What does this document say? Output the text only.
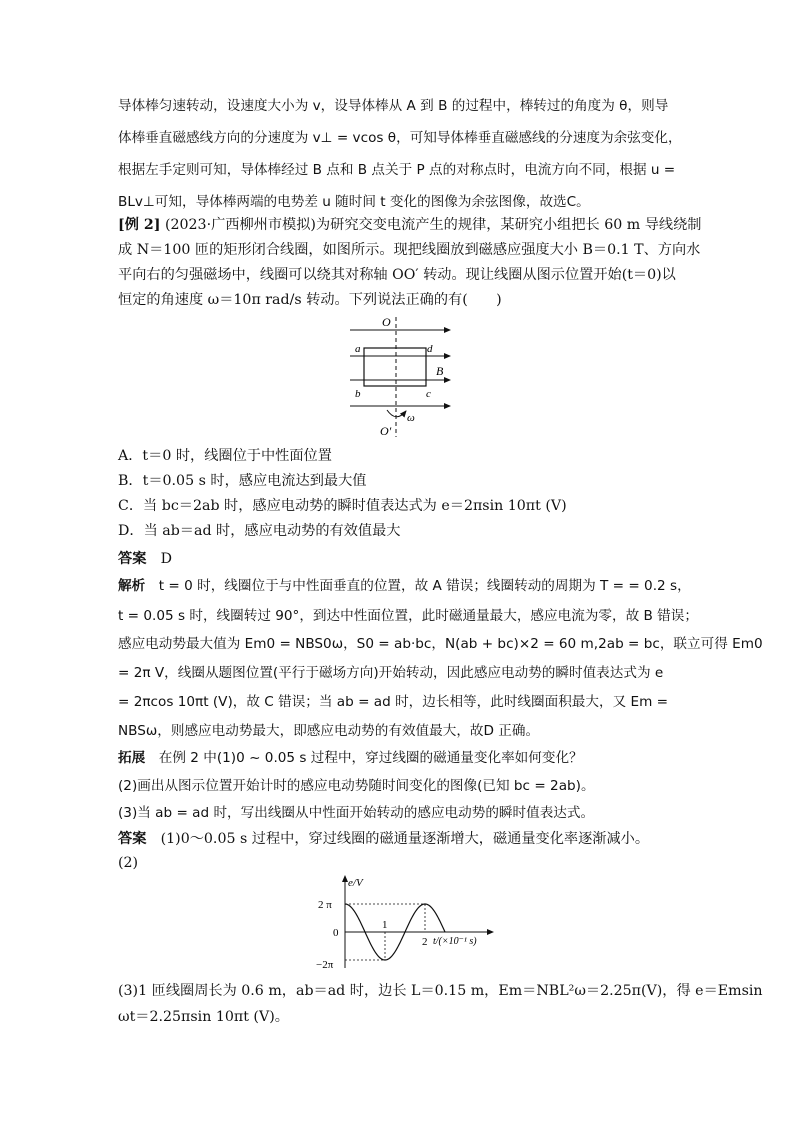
导体棒匀速转动，设速度大小为 v，设导体棒从 A 到 B 的过程中，棒转过的角度为 θ，则导
体棒垂直磁感线方向的分速度为 v⊥ = vcos θ，可知导体棒垂直磁感线的分速度为余弦变化，
根据左手定则可知，导体棒经过 B 点和 B 点关于 P 点的对称点时，电流方向不同，根据 u =
BLv⊥可知，导体棒两端的电势差 u 随时间 t 变化的图像为余弦图像，故选C。
[例 2] (2023·广西柳州市模拟)为研究交变电流产生的规律，某研究小组把长 60 m 导线绕制
成 N＝100 匝的矩形闭合线圈，如图所示。现把线圈放到磁感应强度大小 B＝0.1 T、方向水
平向右的匀强磁场中，线圈可以绕其对称轴 OO′ 转动。现让线圈从图示位置开始(t＝0)以
恒定的角速度 ω＝10π rad/s 转动。下列说法正确的有(　　)
O
O′
a	d
b	c
B
ω
A．t＝0 时，线圈位于中性面位置
B．t＝0.05 s 时，感应电流达到最大值
C．当 bc＝2ab 时，感应电动势的瞬时值表达式为 e＝2πsin 10πt (V)
D．当 ab＝ad 时，感应电动势的有效值最大
答案　 D
解析　 t = 0 时，线圈位于与中性面垂直的位置，故 A 错误；线圈转动的周期为 T = = 0.2 s，
t = 0.05 s 时，线圈转过 90°，到达中性面位置，此时磁通量最大，感应电流为零，故 B 错误；
感应电动势最大值为 Em0 = NBS0ω，S0 = ab·bc，N(ab + bc)×2 = 60 m,2ab = bc，联立可得 Em0
= 2π V，线圈从题图位置(平行于磁场方向)开始转动，因此感应电动势的瞬时值表达式为 e
= 2πcos 10πt (V)，故 C 错误；当 ab = ad 时，边长相等，此时线圈面积最大，又 Em =
NBSω，则感应电动势最大，即感应电动势的有效值最大，故D 正确。
拓展　 在例 2 中(1)0 ~ 0.05 s 过程中，穿过线圈的磁通量变化率如何变化？
(2)画出从图示位置开始计时的感应电动势随时间变化的图像(已知 bc = 2ab)。
(3)当 ab = ad 时，写出线圈从中性面开始转动的感应电动势的瞬时值表达式。
答案　 (1)0～0.05 s 过程中，穿过线圈的磁通量逐渐增大，磁通量变化率逐渐减小。
(2)
e/V
t/(×10⁻¹ s)
2 π
0
−2π
1
2
(3)1 匝线圈周长为 0.6 m，ab＝ad 时，边长 L＝0.15 m，Em＝NBL²ω＝2.25π(V)，得 e＝Emsin
ωt＝2.25πsin 10πt (V)。
